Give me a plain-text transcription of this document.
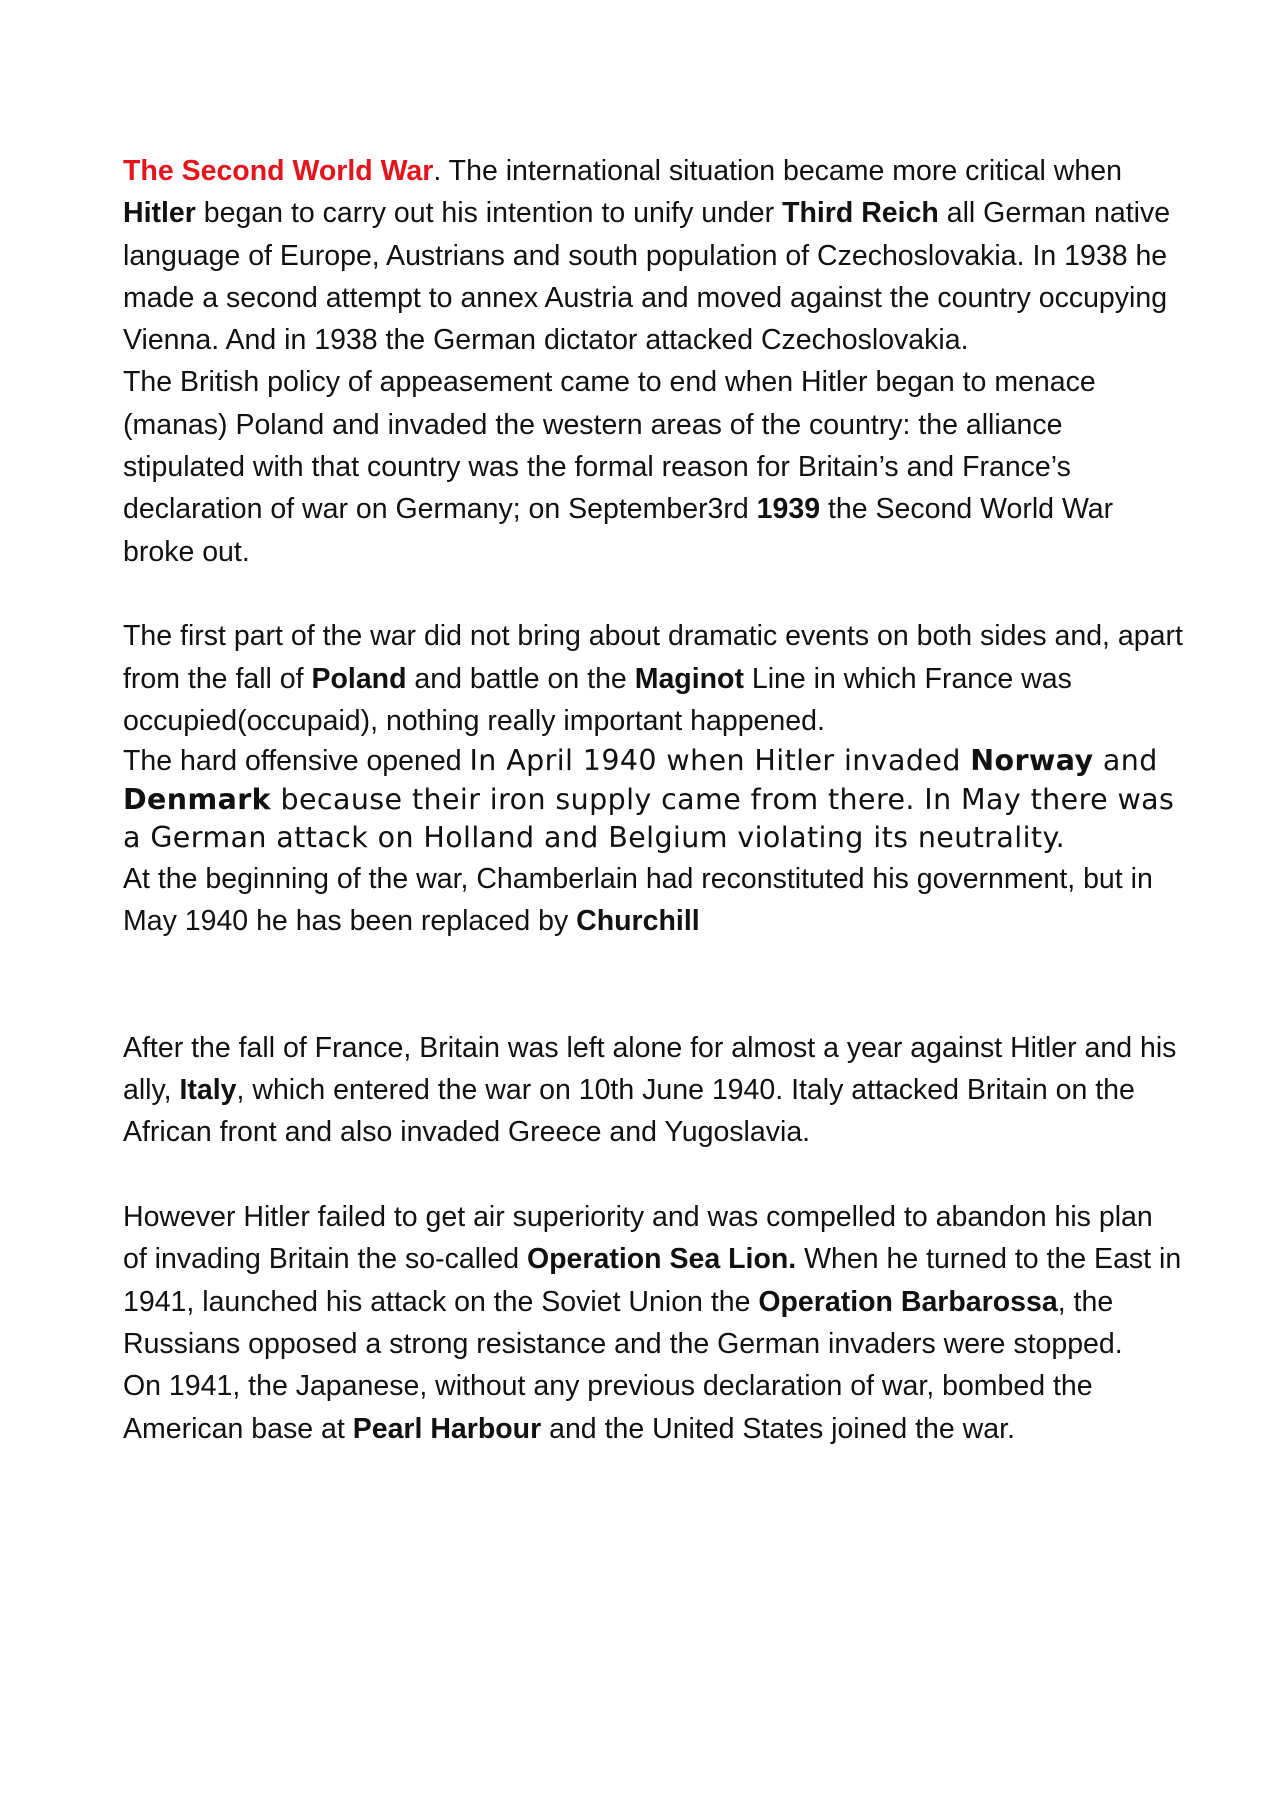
The Second World War. The international situation became more critical when Hitler began to carry out his intention to unify under Third Reich all German native language of Europe, Austrians and south population of Czechoslovakia. In 1938 he made a second attempt to annex Austria and moved against the country occupying Vienna. And in 1938 the German dictator attacked Czechoslovakia.

The British policy of appeasement came to end when Hitler began to menace (manas) Poland and invaded the western areas of the country: the alliance stipulated with that country was the formal reason for Britain’s and France’s declaration of war on Germany; on September3rd 1939 the Second World War broke out.

The first part of the war did not bring about dramatic events on both sides and, apart from the fall of Poland and battle on the Maginot Line in which France was occupied(occupaid), nothing really important happened.

The hard offensive opened In April 1940 when Hitler invaded Norway and Denmark because their iron supply came from there. In May there was a German attack on Holland and Belgium violating its neutrality.

At the beginning of the war, Chamberlain had reconstituted his government, but in May 1940 he has been replaced by Churchill

After the fall of France, Britain was left alone for almost a year against Hitler and his ally, Italy, which entered the war on 10th June 1940. Italy attacked Britain on the African front and also invaded Greece and Yugoslavia.

However Hitler failed to get air superiority and was compelled to abandon his plan of invading Britain the so-called Operation Sea Lion. When he turned to the East in 1941, launched his attack on the Soviet Union the Operation Barbarossa, the Russians opposed a strong resistance and the German invaders were stopped.

On 1941, the Japanese, without any previous declaration of war, bombed the American base at Pearl Harbour and the United States joined the war.
